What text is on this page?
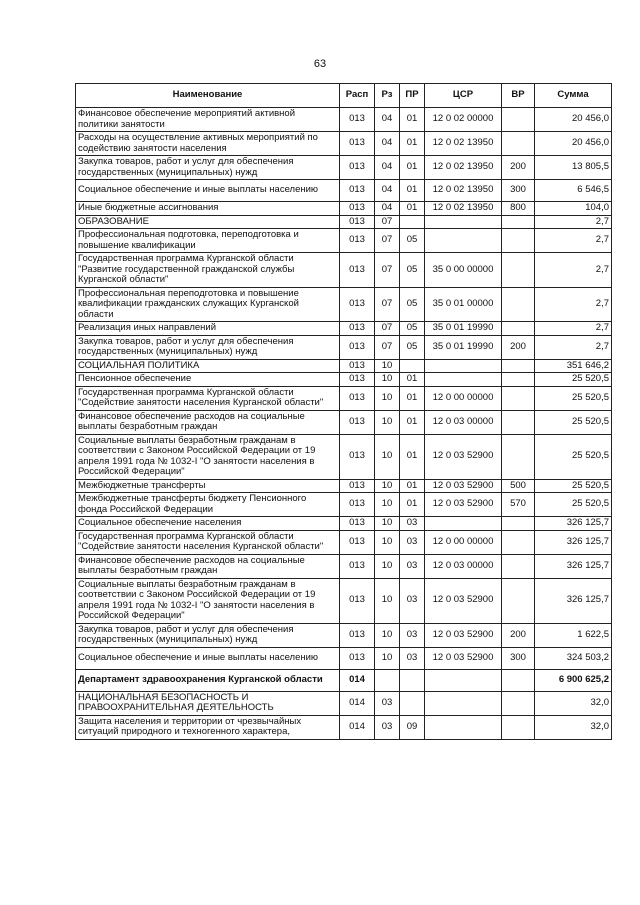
63
Наименование	Расп	Рз	ПР	ЦСР	ВР	Сумма
Финансовое обеспечение мероприятий активной политики занятости	013	04	01	12 0 02 00000		20 456,0
Расходы на осуществление активных мероприятий по содействию занятости населения	013	04	01	12 0 02 13950		20 456,0
Закупка товаров, работ и услуг для обеспечения государственных (муниципальных) нужд	013	04	01	12 0 02 13950	200	13 805,5
Социальное обеспечение и иные выплаты населению	013	04	01	12 0 02 13950	300	6 546,5
Иные бюджетные ассигнования	013	04	01	12 0 02 13950	800	104,0
ОБРАЗОВАНИЕ	013	07				2,7
Профессиональная подготовка, переподготовка и повышение квалификации	013	07	05			2,7
Государственная программа Курганской области "Развитие государственной гражданской службы Курганской области"	013	07	05	35 0 00 00000		2,7
Профессиональная переподготовка и повышение квалификации гражданских служащих Курганской области	013	07	05	35 0 01 00000		2,7
Реализация иных направлений	013	07	05	35 0 01 19990		2,7
Закупка товаров, работ и услуг для обеспечения государственных (муниципальных) нужд	013	07	05	35 0 01 19990	200	2,7
СОЦИАЛЬНАЯ ПОЛИТИКА	013	10				351 646,2
Пенсионное обеспечение	013	10	01			25 520,5
Государственная программа Курганской области "Содействие занятости населения Курганской области"	013	10	01	12 0 00 00000		25 520,5
Финансовое обеспечение расходов на социальные выплаты безработным граждан	013	10	01	12 0 03 00000		25 520,5
Социальные выплаты безработным гражданам в соответствии с Законом Российской Федерации от 19 апреля 1991 года № 1032-I "О занятости населения в Российской Федерации"	013	10	01	12 0 03 52900		25 520,5
Межбюджетные трансферты	013	10	01	12 0 03 52900	500	25 520,5
Межбюджетные трансферты бюджету Пенсионного фонда Российской Федерации	013	10	01	12 0 03 52900	570	25 520,5
Социальное обеспечение населения	013	10	03			326 125,7
Государственная программа Курганской области "Содействие занятости населения Курганской области"	013	10	03	12 0 00 00000		326 125,7
Финансовое обеспечение расходов на социальные выплаты безработным граждан	013	10	03	12 0 03 00000		326 125,7
Социальные выплаты безработным гражданам в соответствии с Законом Российской Федерации от 19 апреля 1991 года № 1032-I "О занятости населения в Российской Федерации"	013	10	03	12 0 03 52900		326 125,7
Закупка товаров, работ и услуг для обеспечения государственных (муниципальных) нужд	013	10	03	12 0 03 52900	200	1 622,5
Социальное обеспечение и иные выплаты населению	013	10	03	12 0 03 52900	300	324 503,2
Департамент здравоохранения Курганской области	014					6 900 625,2
НАЦИОНАЛЬНАЯ БЕЗОПАСНОСТЬ И ПРАВООХРАНИТЕЛЬНАЯ ДЕЯТЕЛЬНОСТЬ	014	03				32,0
Защита населения и территории от чрезвычайных ситуаций природного и техногенного характера,	014	03	09			32,0
